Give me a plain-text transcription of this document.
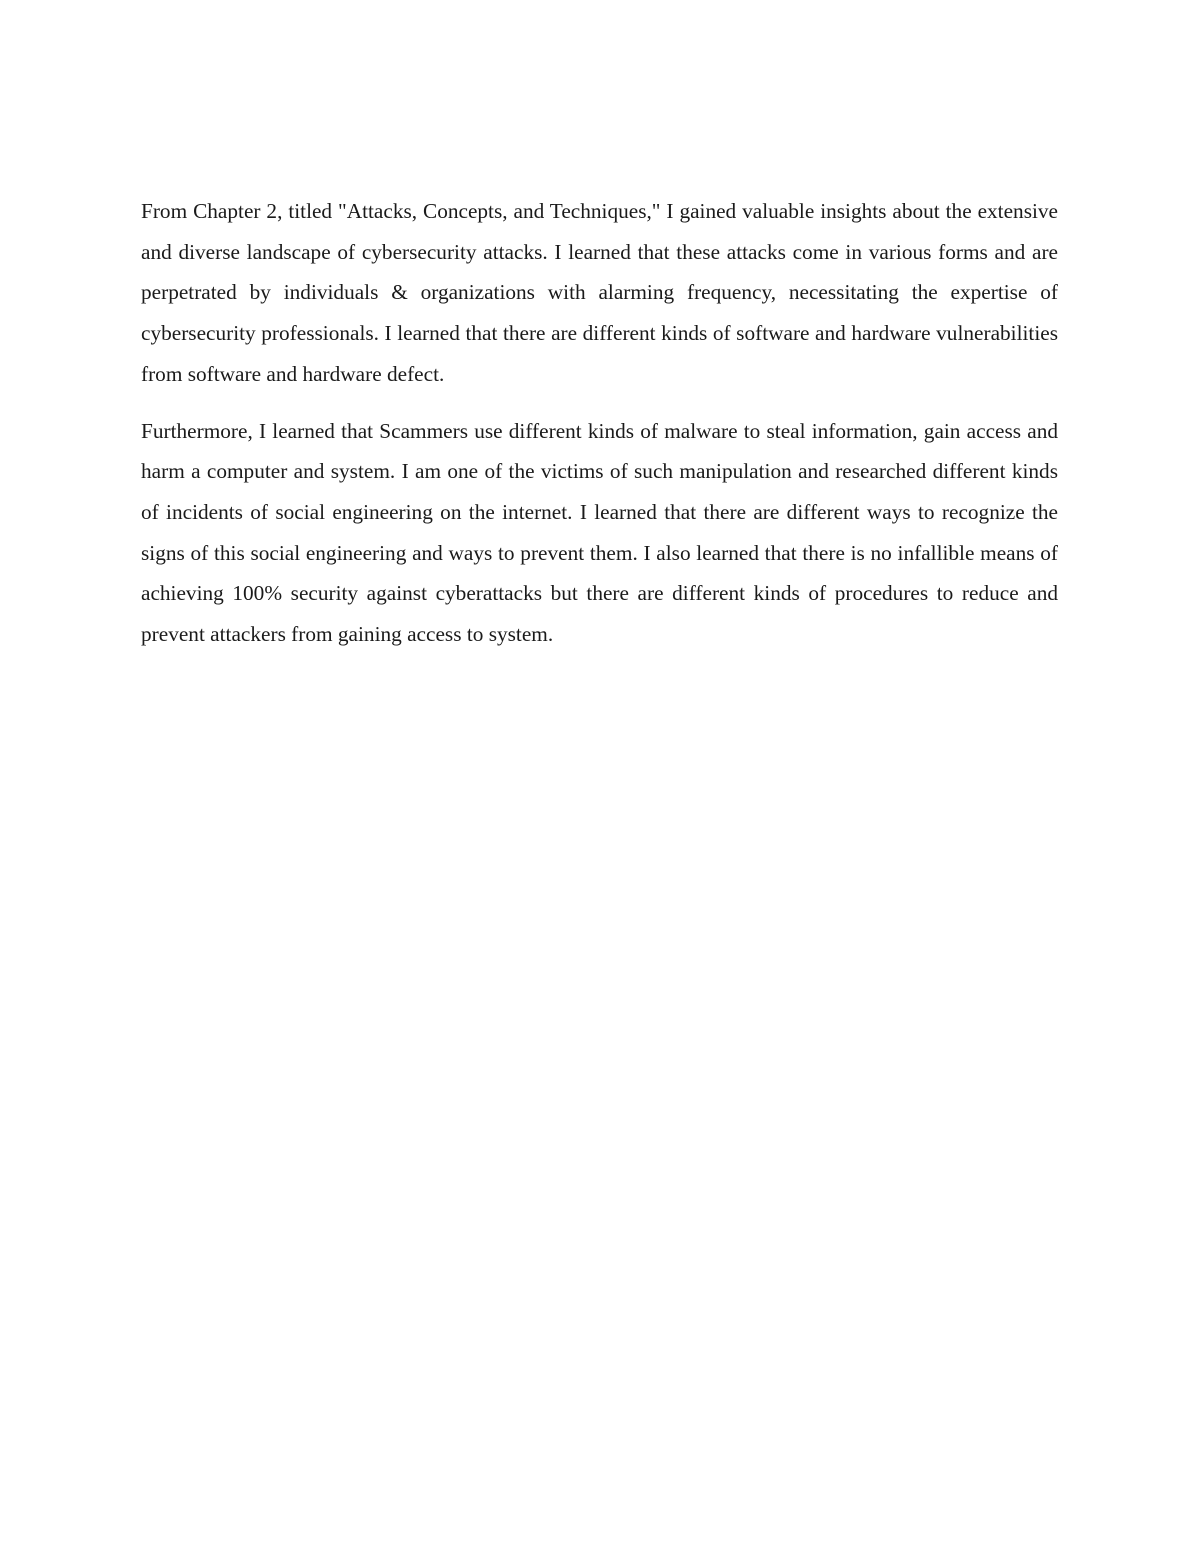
From Chapter 2, titled "Attacks, Concepts, and Techniques," I gained valuable insights about the extensive and diverse landscape of cybersecurity attacks. I learned that these attacks come in various forms and are perpetrated by individuals & organizations with alarming frequency, necessitating the expertise of cybersecurity professionals. I learned that there are different kinds of software and hardware vulnerabilities from software and hardware defect.

Furthermore, I learned that Scammers use different kinds of malware to steal information, gain access and harm a computer and system. I am one of the victims of such manipulation and researched different kinds of incidents of social engineering on the internet. I learned that there are different ways to recognize the signs of this social engineering and ways to prevent them. I also learned that there is no infallible means of achieving 100% security against cyberattacks but there are different kinds of procedures to reduce and prevent attackers from gaining access to system.
